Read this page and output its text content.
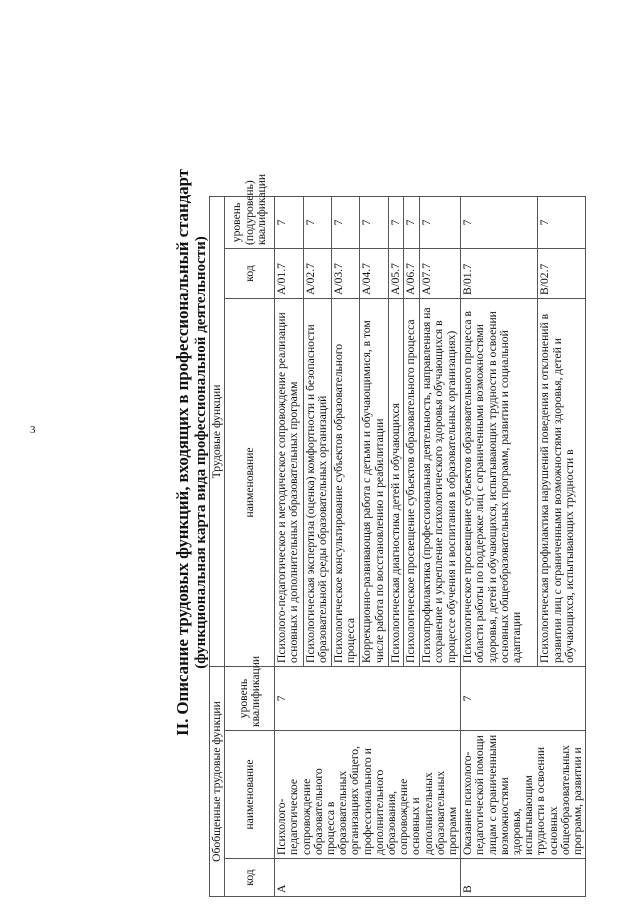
3	II. Описание трудовых функций, входящих в профессиональный стандарт (функциональная карта вида профессиональной деятельности)
Обобщенные трудовые функции			Трудовые функции			
код	наименование	уровень квалификации	наименование	код	уровень (подуровень) квалификации	
A	Психолого-педагогическое сопровождение образовательного процесса в образовательных организациях общего, профессионального и дополнительного образования, сопровождение основных и дополнительных образовательных программ	7	Психолого-педагогическое и методическое сопровождение реализации основных и дополнительных образовательных программ	A/01.7	7	
			Психологическая экспертиза (оценка) комфортности и безопасности образовательной среды образовательных организаций	A/02.7	7	
			Психологическое консультирование субъектов образовательного процесса	A/03.7	7	
			Коррекционно-развивающая работа с детьми и обучающимися, в том числе работа по восстановлению и реабилитации	A/04.7	7	
			Психологическая диагностика детей и обучающихся	A/05.7	7	
			Психологическое просвещение субъектов образовательного процесса	A/06.7	7	
			Психопрофилактика (профессиональная деятельность, направленная на сохранение и укрепление психологического здоровья обучающихся в процессе обучения и воспитания в образовательных организациях)	A/07.7	7	
B	Оказание психолого-педагогической помощи лицам с ограниченными возможностями здоровья, испытывающим трудности в освоении основных общеобразовательных программ, развитии и	7	Психологическое просвещение субъектов образовательного процесса в области работы по поддержке лиц с ограниченными возможностями здоровья, детей и обучающихся, испытывающих трудности в освоении основных общеобразовательных программ, развитии и социальной адаптации	B/01.7	7	
			Психологическая профилактика нарушений поведения и отклонений в развитии лиц с ограниченными возможностями здоровья, детей и обучающихся, испытывающих трудности в	B/02.7	7	
